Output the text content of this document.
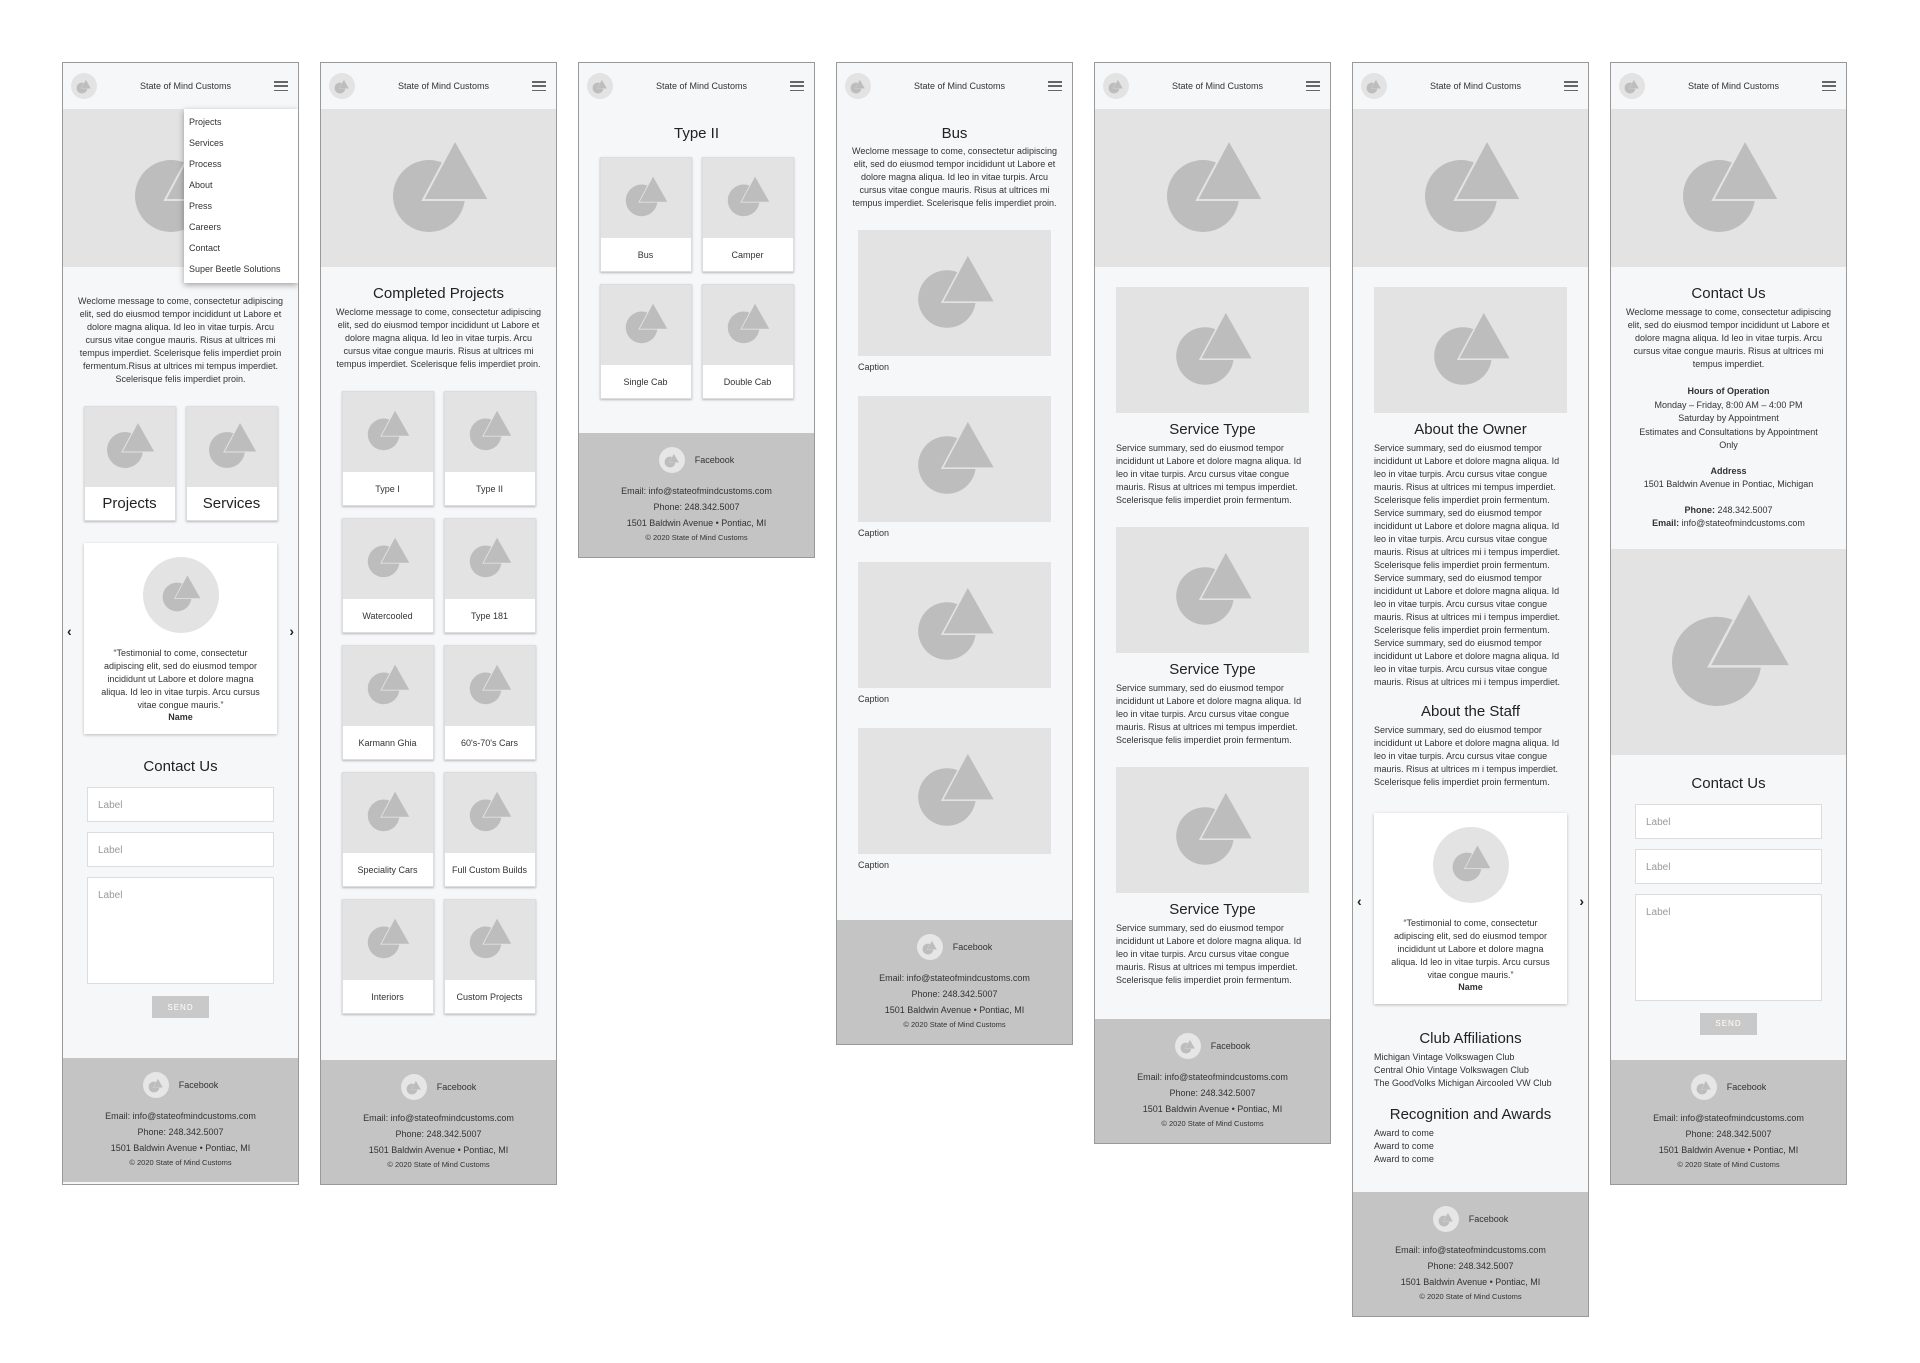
State of Mind Customs
Projects
Services
Process
About
Press
Careers
Contact
Super Beetle Solutions

Weclome message to come, consectetur adipiscing elit, sed do eiusmod tempor incididunt ut Labore et dolore magna aliqua. Id leo in vitae turpis. Arcu cursus vitae congue mauris. Risus at ultrices mi tempus imperdiet. Scelerisque felis imperdiet proin fermentum.Risus at ultrices mi tempus imperdiet. Scelerisque felis imperdiet proin.

Projects	Services
‹	›

“Testimonial to come, consectetur adipiscing elit, sed do eiusmod tempor incididunt ut Labore et dolore magna aliqua. Id leo in vitae turpis. Arcu cursus vitae congue mauris.”

Name
Contact Us
Label
Label
Label
SEND
Facebook

Email: info@stateofmindcustoms.com

Phone: 248.342.5007

1501 Baldwin Avenue • Pontiac, MI

© 2020 State of Mind Customs

State of Mind Customs
Completed Projects

Weclome message to come, consectetur adipiscing elit, sed do eiusmod tempor incididunt ut Labore et dolore magna aliqua. Id leo in vitae turpis. Arcu cursus vitae congue mauris. Risus at ultrices mi tempus imperdiet. Scelerisque felis imperdiet proin.

Type I	Type II
Watercooled	Type 181
Karmann Ghia	60's-70's Cars
Speciality Cars	Full Custom Builds
Interiors	Custom Projects
Facebook

Email: info@stateofmindcustoms.com

Phone: 248.342.5007

1501 Baldwin Avenue • Pontiac, MI

© 2020 State of Mind Customs

State of Mind Customs
Type II
Bus	Camper
Single Cab	Double Cab
Facebook

Email: info@stateofmindcustoms.com

Phone: 248.342.5007

1501 Baldwin Avenue • Pontiac, MI

© 2020 State of Mind Customs

State of Mind Customs
Bus

Weclome message to come, consectetur adipiscing elit, sed do eiusmod tempor incididunt ut Labore et dolore magna aliqua. Id leo in vitae turpis. Arcu cursus vitae congue mauris. Risus at ultrices mi tempus imperdiet. Scelerisque felis imperdiet proin.

Caption
Caption
Caption
Caption
Facebook

Email: info@stateofmindcustoms.com

Phone: 248.342.5007

1501 Baldwin Avenue • Pontiac, MI

© 2020 State of Mind Customs

State of Mind Customs
Service Type

Service summary, sed do eiusmod tempor incididunt ut Labore et dolore magna aliqua. Id leo in vitae turpis. Arcu cursus vitae congue mauris. Risus at ultrices mi tempus imperdiet. Scelerisque felis imperdiet proin fermentum.

Service Type

Service summary, sed do eiusmod tempor incididunt ut Labore et dolore magna aliqua. Id leo in vitae turpis. Arcu cursus vitae congue mauris. Risus at ultrices mi tempus imperdiet. Scelerisque felis imperdiet proin fermentum.

Service Type

Service summary, sed do eiusmod tempor incididunt ut Labore et dolore magna aliqua. Id leo in vitae turpis. Arcu cursus vitae congue mauris. Risus at ultrices mi tempus imperdiet. Scelerisque felis imperdiet proin fermentum.

Facebook

Email: info@stateofmindcustoms.com

Phone: 248.342.5007

1501 Baldwin Avenue • Pontiac, MI

© 2020 State of Mind Customs

State of Mind Customs
About the Owner

Service summary, sed do eiusmod tempor incididunt ut Labore et dolore magna aliqua. Id leo in vitae turpis. Arcu cursus vitae congue mauris. Risus at ultrices mi tempus imperdiet. Scelerisque felis imperdiet proin fermentum. Service summary, sed do eiusmod tempor incididunt ut Labore et dolore magna aliqua. Id leo in vitae turpis. Arcu cursus vitae congue mauris. Risus at ultrices mi i tempus imperdiet. Scelerisque felis imperdiet proin fermentum. Service summary, sed do eiusmod tempor incididunt ut Labore et dolore magna aliqua. Id leo in vitae turpis. Arcu cursus vitae congue mauris. Risus at ultrices mi i tempus imperdiet. Scelerisque felis imperdiet proin fermentum. Service summary, sed do eiusmod tempor incididunt ut Labore et dolore magna aliqua. Id leo in vitae turpis. Arcu cursus vitae congue mauris. Risus at ultrices mi i tempus imperdiet.

About the Staff

Service summary, sed do eiusmod tempor incididunt ut Labore et dolore magna aliqua. Id leo in vitae turpis. Arcu cursus vitae congue mauris. Risus at ultrices m i tempus imperdiet. Scelerisque felis imperdiet proin fermentum.

‹	›

“Testimonial to come, consectetur adipiscing elit, sed do eiusmod tempor incididunt ut Labore et dolore magna aliqua. Id leo in vitae turpis. Arcu cursus vitae congue mauris.”

Name
Club Affiliations
Michigan Vintage Volkswagen Club
Central Ohio Vintage Volkswagen Club
The GoodVolks Michigan Aircooled VW Club
Recognition and Awards
Award to come
Award to come
Award to come
Facebook

Email: info@stateofmindcustoms.com

Phone: 248.342.5007

1501 Baldwin Avenue • Pontiac, MI

© 2020 State of Mind Customs

State of Mind Customs
Contact Us

Weclome message to come, consectetur adipiscing elit, sed do eiusmod tempor incididunt ut Labore et dolore magna aliqua. Id leo in vitae turpis. Arcu cursus vitae congue mauris. Risus at ultrices mi tempus imperdiet.

Hours of Operation
Monday – Friday, 8:00 AM – 4:00 PM
Saturday by Appointment
Estimates and Consultations by Appointment Only
Address
1501 Baldwin Avenue in Pontiac, Michigan
Phone: 248.342.5007
Email: info@stateofmindcustoms.com
Contact Us
Label
Label
Label
SEND
Facebook

Email: info@stateofmindcustoms.com

Phone: 248.342.5007

1501 Baldwin Avenue • Pontiac, MI

© 2020 State of Mind Customs
